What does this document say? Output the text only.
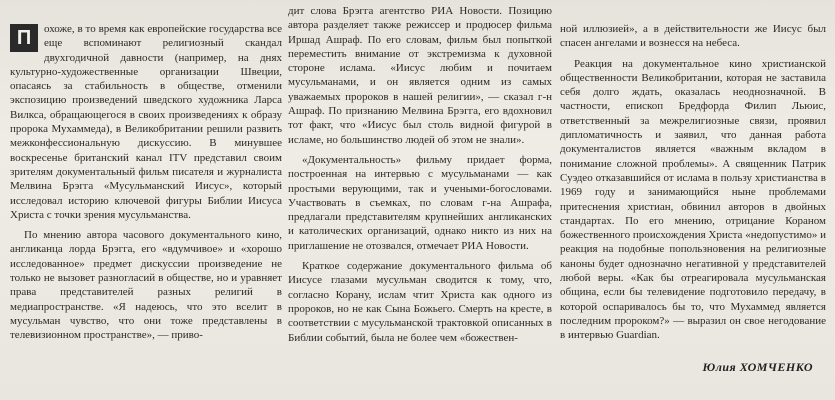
П	охоже, в то время как европейские государства все еще вспоминают религиозный скандал двухгодичной давности (например, на днях культурно-художественные организации Швеции, опасаясь за стабильность в обществе, отменили экспозицию произведений шведского художника Ларса Вилкса, обращающегося в своих произведениях к образу пророка Мухаммеда), в Великобритании решили развить межконфессиональную дискуссию. В минувшее воскресенье британский канал ITV представил своим зрителям документальный фильм писателя и журналиста Мелвина Брэгга «Мусульманский Иисус», который исследовал историю ключевой фигуры Библии Иисуса Христа с точки зрения мусульманства.

По мнению автора часового документального кино, англиканца лорда Брэгга, его «вдумчивое» и «хорошо исследованное» предмет дискуссии произведение не только не вызовет разногласий в обществе, но и уравняет права представителей разных религий в медиапространстве. «Я надеюсь, что это вселит в мусульман чувство, что они тоже представлены в телевизионном пространстве», — приво-

дит слова Брэгга агентство РИА Новости. Позицию автора разделяет также режиссер и продюсер фильма Иршад Ашраф. По его словам, фильм был попыткой переместить внимание от экстремизма к духовной стороне ислама. «Иисус любим и почитаем мусульманами, и он является одним из самых уважаемых пророков в нашей религии», — сказал г-н Ашраф. По признанию Мелвина Брэгга, его вдохновил тот факт, что «Иисус был столь видной фигурой в исламе, но большинство людей об этом не знали».

«Документальность» фильму придает форма, построенная на интервью с мусульманами — как простыми верующими, так и учеными-богословами. Участвовать в съемках, по словам г-на Ашрафа, предлагали представителям крупнейших англиканских и католических организаций, однако никто из них на приглашение не отозвался, отмечает РИА Новости.

Краткое содержание документального фильма об Иисусе глазами мусульман сводится к тому, что, согласно Корану, ислам чтит Христа как одного из пророков, но не как Сына Божьего. Смерть на кресте, в соответствии с мусульманской трактовкой описанных в Библии событий, была не более чем «божествен-

ной иллюзией», а в действительности же Иисус был спасен ангелами и вознесся на небеса.

Реакция на документальное кино христианской общественности Великобритании, которая не заставила себя долго ждать, оказалась неоднозначной. В частности, епископ Бредфорда Филип Льюис, ответственный за межрелигиозные связи, проявил дипломатичность и заявил, что данная работа документалистов является «важным вкладом в понимание сложной проблемы». А священник Патрик Суэдео отказавшийся от ислама в пользу христианства в 1969 году и занимающийся ныне проблемами притеснения христиан, обвинил авторов в двойных стандартах. По его мнению, отрицание Кораном божественного происхождения Христа «недопустимо» и реакция на подобные попользновения на религиозные каноны будет однозначно негативной у представителей любой веры. «Как бы отреагировала мусульманская община, если бы телевидение подготовило передачу, в которой оспаривалось бы то, что Мухаммед является последним пророком?» — выразил он свое негодование в интервью Guardian.

Юлия ХОМЧЕНКО
